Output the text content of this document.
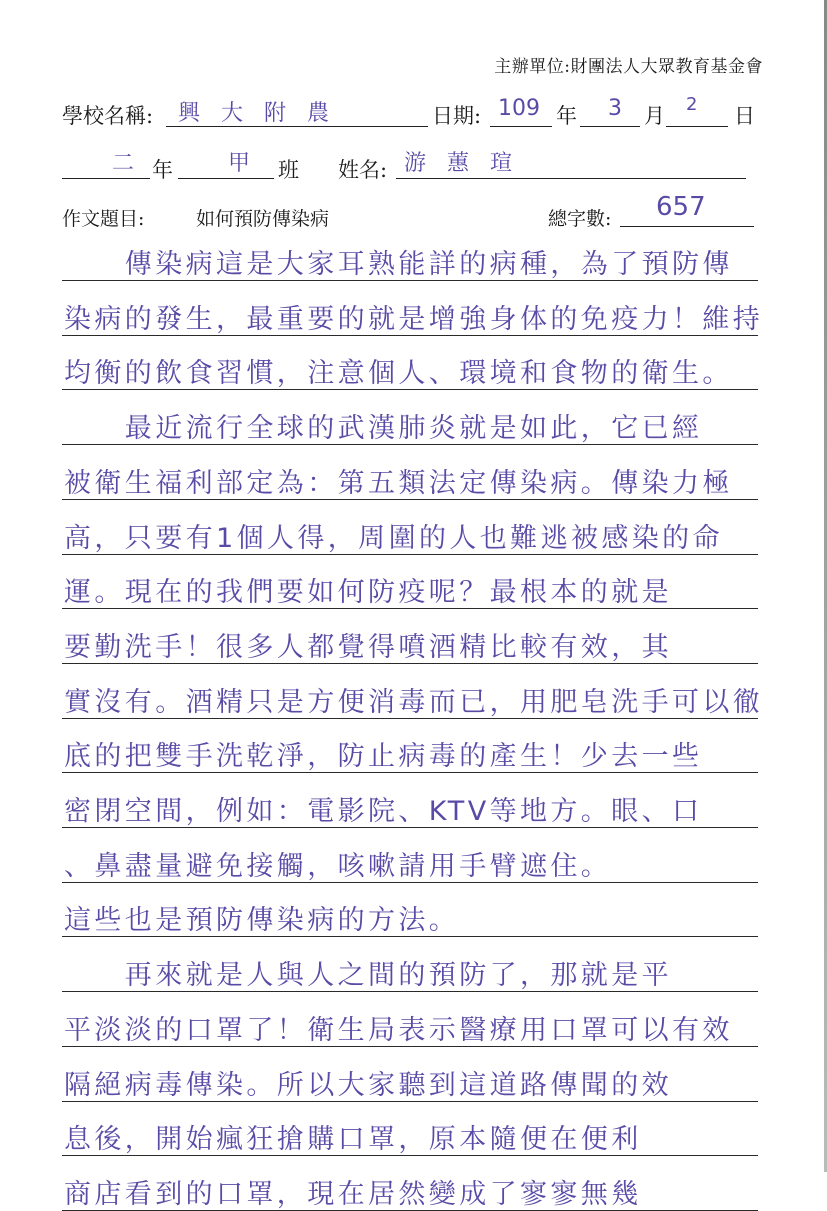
主辦單位:財團法人大眾教育基金會
學校名稱: 興 大 附 農	日期: 109 年 3 月 2 日
二 年	甲 班 姓名: 游 蕙 瑄
作文題目:	如何預防傳染病	總字數: 657
　　傳染病這是大家耳熟能詳的病種，為了預防傳
染病的發生，最重要的就是增強身体的免疫力！維持
均衡的飲食習慣，注意個人、環境和食物的衛生。
　　最近流行全球的武漢肺炎就是如此，它已經
被衛生福利部定為：第五類法定傳染病。傳染力極
高，只要有1個人得，周圍的人也難逃被感染的命
運。現在的我們要如何防疫呢？最根本的就是
要勤洗手！很多人都覺得噴酒精比較有效，其
實沒有。酒精只是方便消毒而已，用肥皂洗手可以徹
底的把雙手洗乾淨，防止病毒的產生！少去一些
密閉空間，例如：電影院、KTV等地方。眼、口
、鼻盡量避免接觸，咳嗽請用手臂遮住。
這些也是預防傳染病的方法。
　　再來就是人與人之間的預防了，那就是平
平淡淡的口罩了！衛生局表示醫療用口罩可以有效
隔絕病毒傳染。所以大家聽到這道路傳聞的效
息後，開始瘋狂搶購口罩，原本隨便在便利
商店看到的口罩，現在居然變成了寥寥無幾
